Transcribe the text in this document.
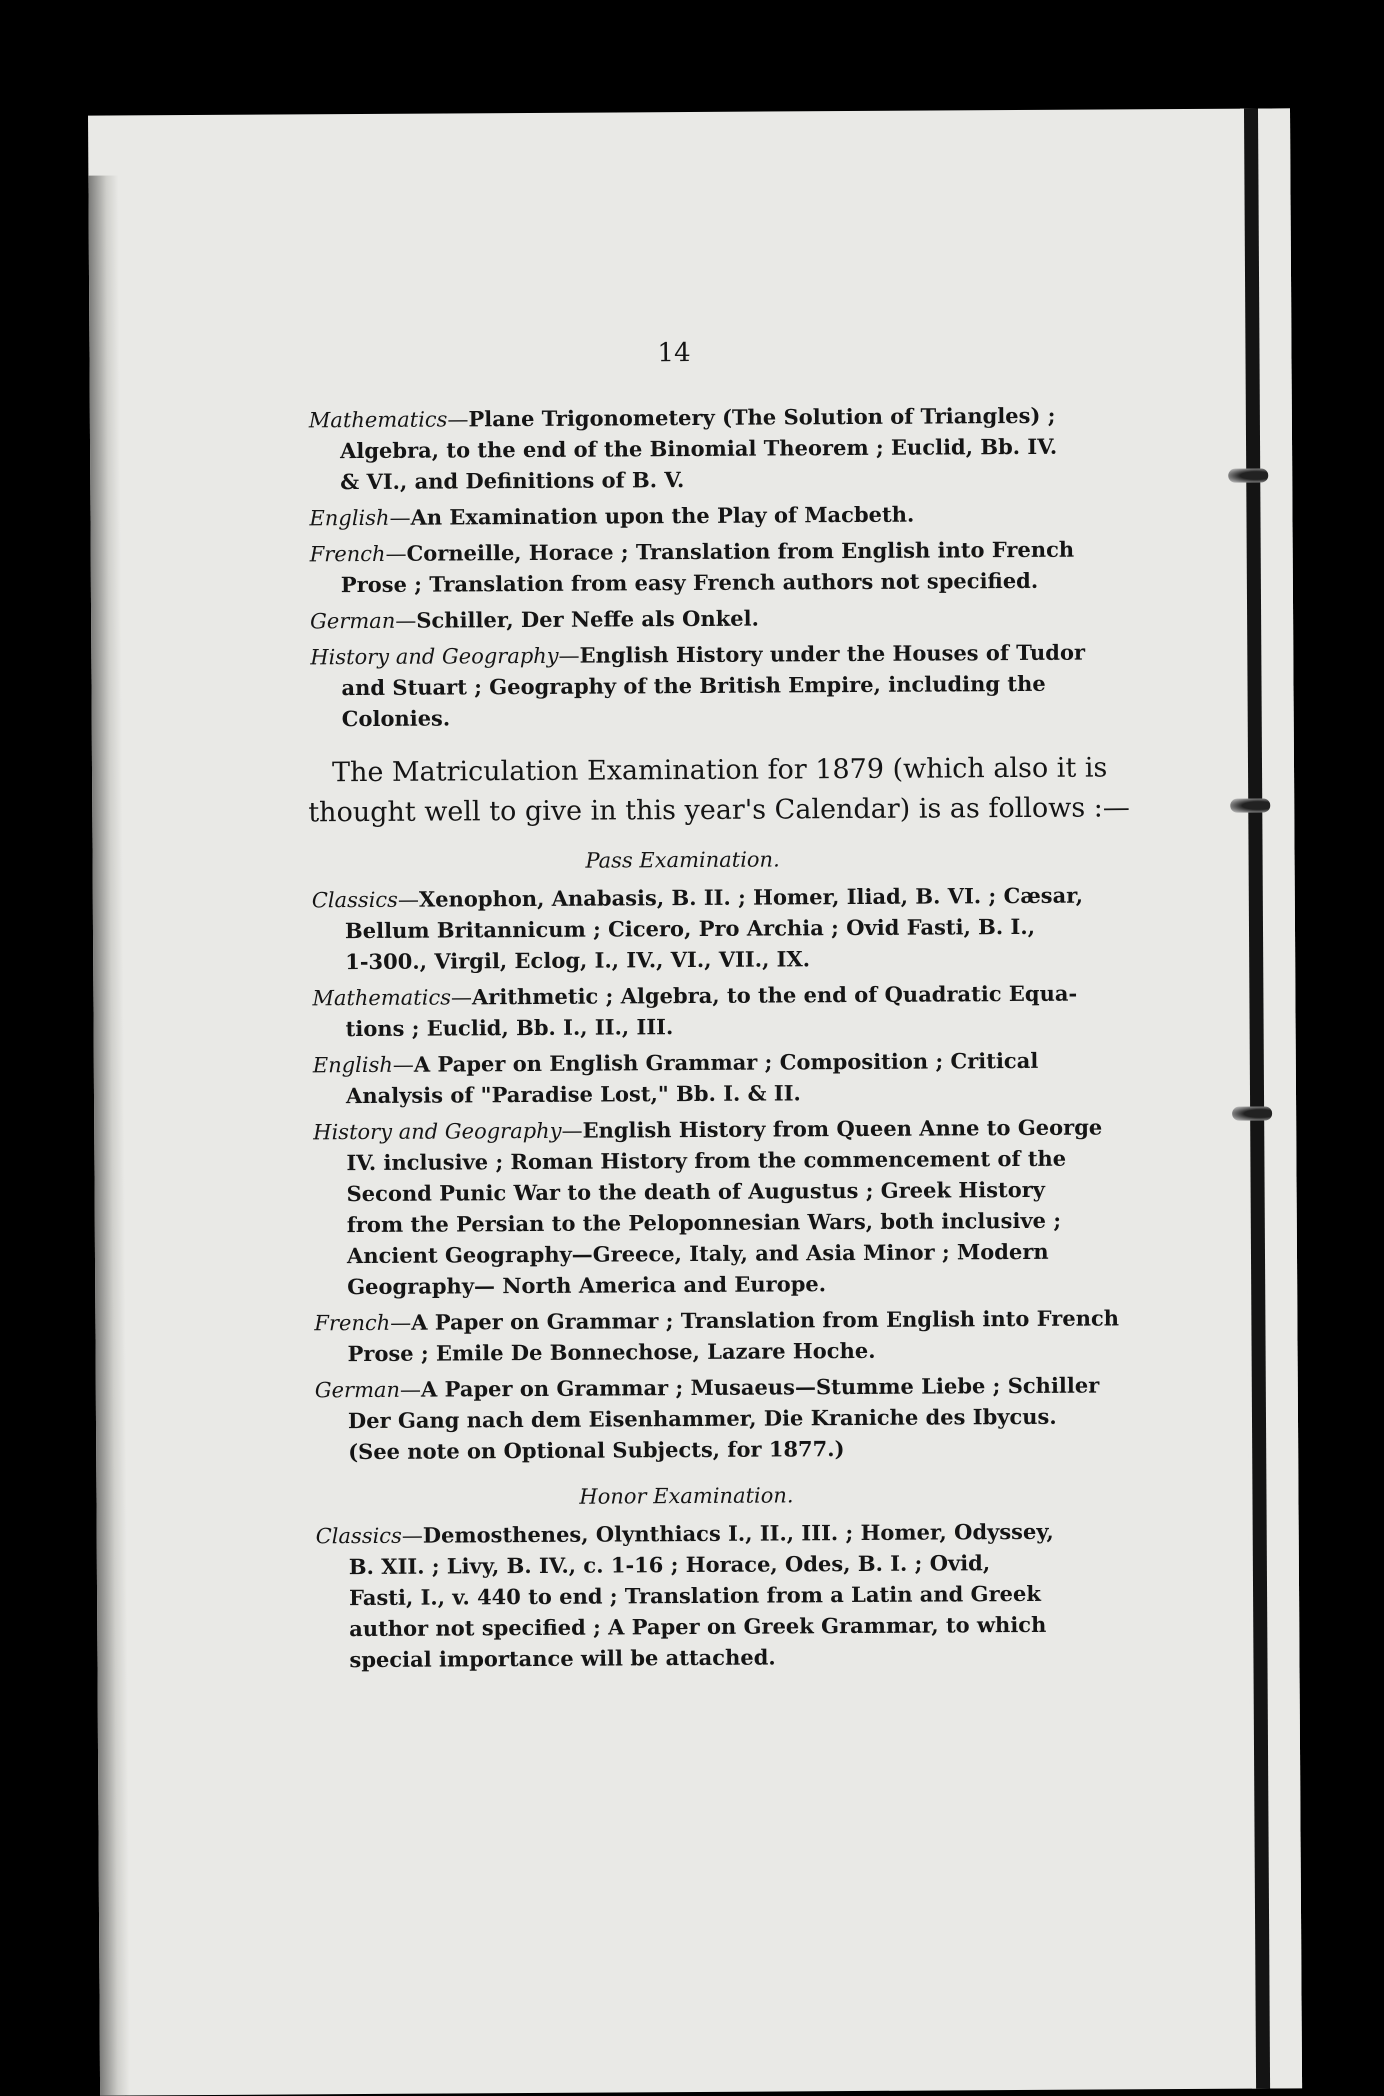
14
Mathematics—Plane Trigonometery (The Solution of Triangles) ;
Algebra, to the end of the Binomial Theorem ; Euclid, Bb. IV.
& VI., and Definitions of B. V.
English—An Examination upon the Play of Macbeth.
French—Corneille, Horace ; Translation from English into French
Prose ; Translation from easy French authors not specified.
German—Schiller, Der Neffe als Onkel.
History and Geography—English History under the Houses of Tudor
and Stuart ; Geography of the British Empire, including the
Colonies.
The Matriculation Examination for 1879 (which also it is
thought well to give in this year's Calendar) is as follows :—
Pass Examination.
Classics—Xenophon, Anabasis, B. II. ; Homer, Iliad, B. VI. ; Cæsar,
Bellum Britannicum ; Cicero, Pro Archia ; Ovid Fasti, B. I.,
1-300., Virgil, Eclog, I., IV., VI., VII., IX.
Mathematics—Arithmetic ; Algebra, to the end of Quadratic Equa-
tions ; Euclid, Bb. I., II., III.
English—A Paper on English Grammar ; Composition ; Critical
Analysis of "Paradise Lost," Bb. I. & II.
History and Geography—English History from Queen Anne to George
IV. inclusive ; Roman History from the commencement of the
Second Punic War to the death of Augustus ; Greek History
from the Persian to the Peloponnesian Wars, both inclusive ;
Ancient Geography—Greece, Italy, and Asia Minor ; Modern
Geography— North America and Europe.
French—A Paper on Grammar ; Translation from English into French
Prose ; Emile De Bonnechose, Lazare Hoche.
German—A Paper on Grammar ; Musaeus—Stumme Liebe ; Schiller
Der Gang nach dem Eisenhammer, Die Kraniche des Ibycus.
(See note on Optional Subjects, for 1877.)
Honor Examination.
Classics—Demosthenes, Olynthiacs I., II., III. ; Homer, Odyssey,
B. XII. ; Livy, B. IV., c. 1-16 ; Horace, Odes, B. I. ; Ovid,
Fasti, I., v. 440 to end ; Translation from a Latin and Greek
author not specified ; A Paper on Greek Grammar, to which
special importance will be attached.
